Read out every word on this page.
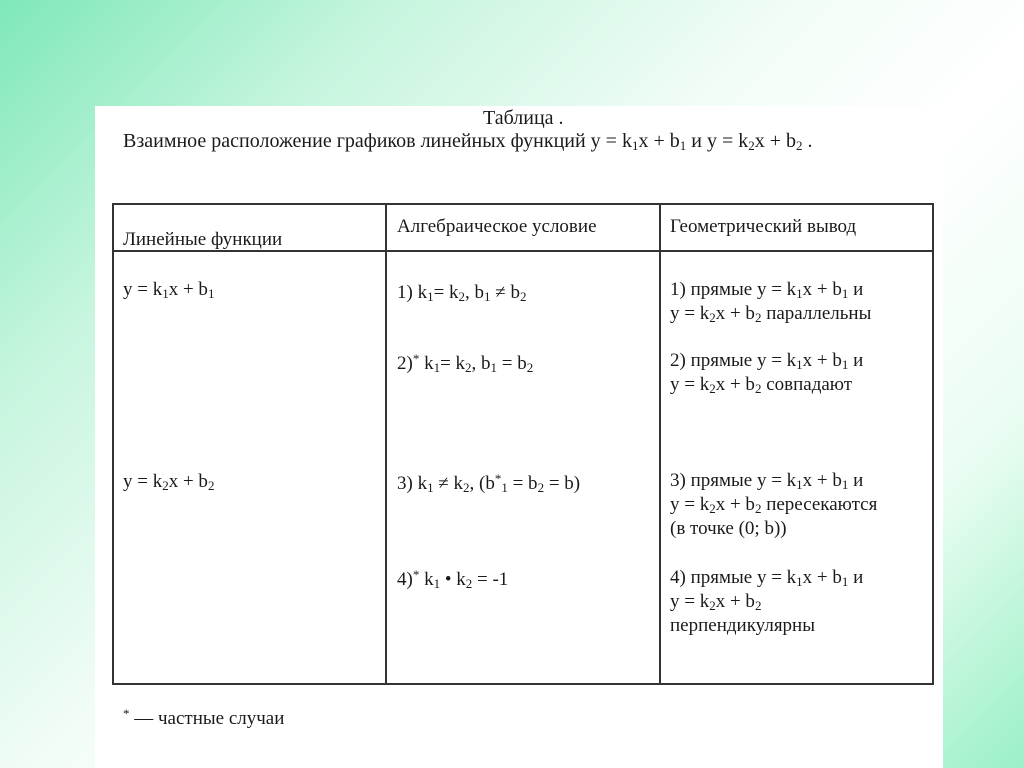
Таблица .
Взаимное расположение графиков линейных функций $y = k_1x + b_1$ и $y = k_2x + b_2$ .
Линейные функции
Алгебраическое условие	Геометрический вывод
$y = k_1x + b_1$
$y = k_2x + b_2$
1) $k_1= k_2$, $b_1 \ne b_2$
2)* $k_1= k_2$, $b_1 = b_2$
3) $k_1 \ne k_2$, $(b^*_1 = b_2 = b)$
4)* $k_1$ • $k_2 = -1$
1) прямые $y = k_1x + b_1$ и
$y = k_2x + b_2$ параллельны
2) прямые $y = k_1x + b_1$ и
$y = k_2x + b_2$ совпадают
3) прямые $y = k_1x + b_1$ и
$y = k_2x + b_2$ пересекаются
(в точке (0; b))
4) прямые $y = k_1x + b_1$ и
$y = k_2x + b_2$
перпендикулярны
* — частные случаи
